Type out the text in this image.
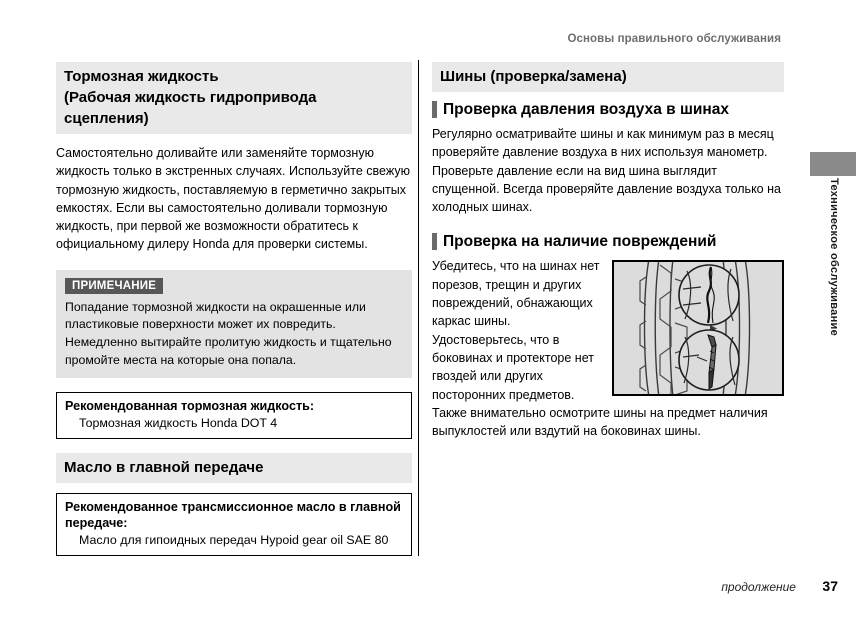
Основы правильного обслуживания
Техническое обслуживание
Тормозная жидкость
(Рабочая жидкость гидропривода сцепления)
Самостоятельно доливайте или заменяйте тормозную жидкость только в экстренных случаях. Используйте свежую тормозную жидкость, поставляемую в герметично закрытых емкостях. Если вы самостоятельно доливали тормозную жидкость, при первой же возможности обратитесь к официальному дилеру Honda для проверки системы.
ПРИМЕЧАНИЕ
Попадание тормозной жидкости на окрашенные или пластиковые поверхности может их повредить. Немедленно вытирайте пролитую жидкость и тщательно промойте места на которые она попала.
Рекомендованная тормозная жидкость:
Тормозная жидкость Honda DOT 4
Масло в главной передаче
Рекомендованное трансмиссионное масло в главной передаче:
Масло для гипоидных передач Hypoid gear oil SAE 80
Шины (проверка/замена)
Проверка давления воздуха в шинах
Регулярно осматривайте шины и как минимум раз в месяц проверяйте давление воздуха в них используя манометр. Проверьте давление если на вид шина выглядит спущенной. Всегда проверяйте давление воздуха только на холодных шинах.
Проверка на наличие повреждений
Убедитесь, что на шинах нет порезов, трещин и других повреждений, обнажающих каркас шины. Удостоверьтесь, что в боковинах и протекторе нет гвоздей или других посторонних предметов.
Также внимательно осмотрите шины на предмет наличия выпуклостей или вздутий на боковинах шины.
продолжение 37
